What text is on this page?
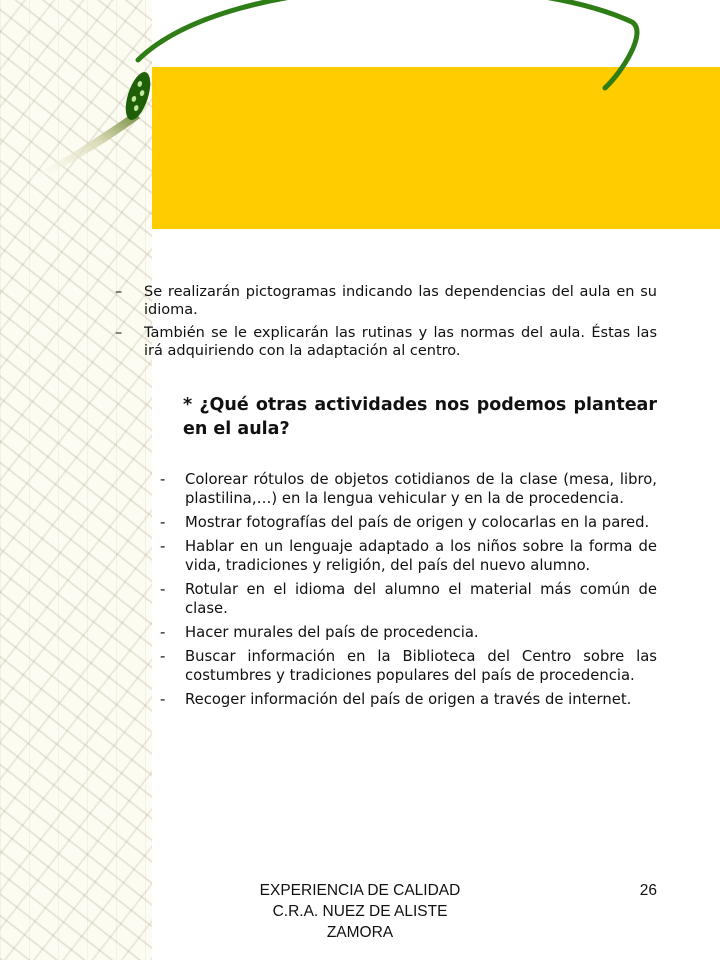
–	Se realizarán pictogramas indicando las dependencias del aula en su idioma.
–	También se le explicarán las rutinas y las normas del aula. Éstas las irá adquiriendo con la adaptación al centro.

* ¿Qué otras actividades nos podemos plantear en el aula?

-	Colorear rótulos de objetos cotidianos de la clase (mesa, libro, plastilina,…) en la lengua vehicular y en la de procedencia.
-	Mostrar fotografías del país de origen y colocarlas en la pared.
-	Hablar en un lenguaje adaptado a los niños sobre la forma de vida, tradiciones y religión, del país del nuevo alumno.
-	Rotular en el idioma del alumno el material más común de clase.
-	Hacer murales del país de procedencia.
-	Buscar información en la Biblioteca del Centro sobre las costumbres y tradiciones populares del país de procedencia.
-	Recoger información del país de origen a través de internet.
EXPERIENCIA DE CALIDAD
C.R.A. NUEZ DE ALISTE
ZAMORA
26
